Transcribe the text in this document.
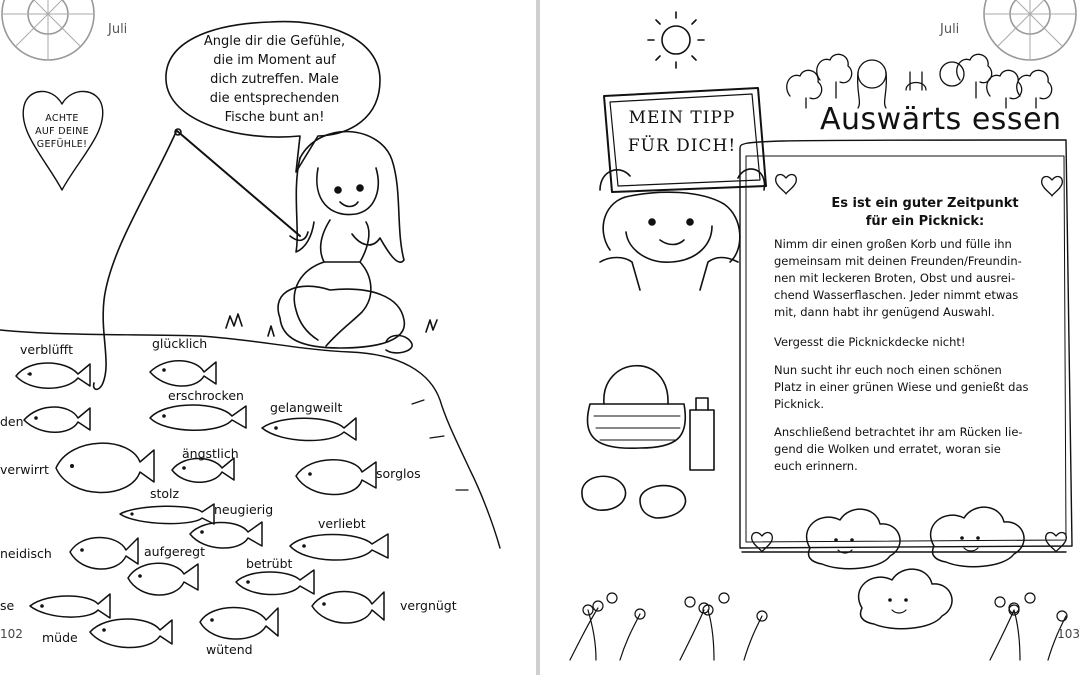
Juli
Angle dir die Gefühle,
die im Moment auf
dich zutreffen. Male
die entsprechenden
Fische bunt an!
ACHTE
AUF DEINE
GEFÜHLE!
verblüfft	glücklich
den
erschrocken
gelangweilt
verwirrt
ängstlich
sorglos
stolz
neugierig
verliebt
neidisch	aufgeregt
betrübt
se	vergnügt
müde
wütend
102
Juli
MEIN TIPP
FÜR DICH!
Auswärts essen
Es ist ein guter Zeitpunkt
für ein Picknick:
Nimm dir einen großen Korb und fülle ihn
gemeinsam mit deinen Freunden/Freundin-
nen mit leckeren Broten, Obst und ausrei-
chend Wasserflaschen. Jeder nimmt etwas
mit, dann habt ihr genügend Auswahl.
Vergesst die Picknickdecke nicht!
Nun sucht ihr euch noch einen schönen
Platz in einer grünen Wiese und genießt das
Picknick.
Anschließend betrachtet ihr am Rücken lie-
gend die Wolken und erratet, woran sie
euch erinnern.
103
